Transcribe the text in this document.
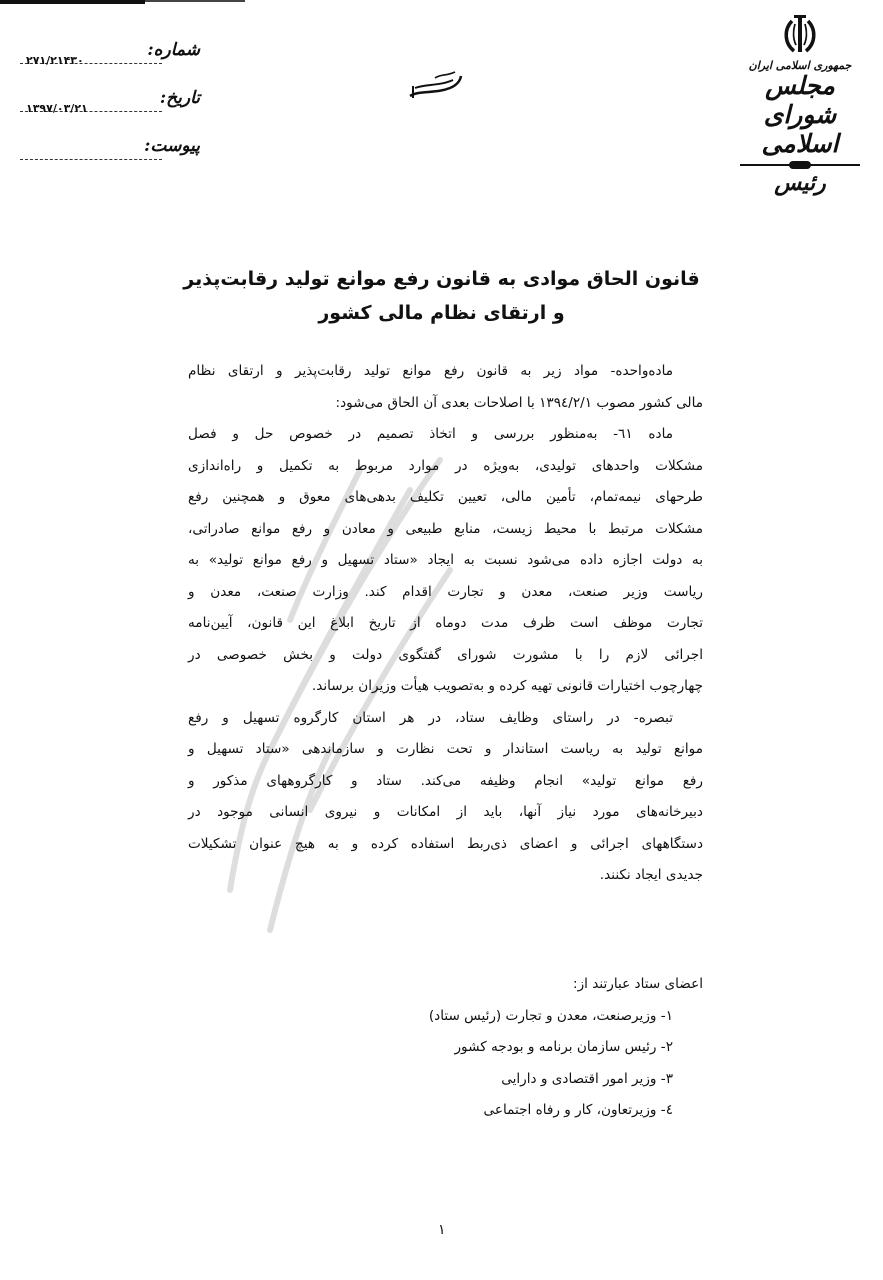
شماره:
۲۷۱/۲۱۴۳۰
تاریخ:
۱۳۹۷/۰۳/۲۱
پیوست:
جمهوری اسلامی ایران
مجلس شورای اسلامی
رئیس
قانون الحاق موادی به قانون رفع موانع تولید رقابت‌پذیر
و ارتقای نظام مالی کشور
ماده‌واحده- مواد زیر به قانون رفع موانع تولید رقابت‌پذیر و ارتقای نظام
مالی کشور مصوب ۱۳۹٤/۲/۱ با اصلاحات بعدی آن الحاق می‌شود:
ماده ٦١- به‌منظور بررسی و اتخاذ تصمیم در خصوص حل و فصل
مشکلات واحدهای تولیدی، به‌ویژه در موارد مربوط به تکمیل و راه‌اندازی
طرحهای نیمه‌تمام، تأمین مالی، تعیین تکلیف بدهی‌های معوق و همچنین رفع
مشکلات مرتبط با محیط زیست، منابع طبیعی و معادن و رفع موانع صادراتی،
به دولت اجازه داده می‌شود نسبت به ایجاد «ستاد تسهیل و رفع موانع تولید» به
ریاست وزیر صنعت، معدن و تجارت اقدام کند. وزارت صنعت، معدن و
تجارت موظف است ظرف مدت دوماه از تاریخ ابلاغ این قانون، آیین‌نامه
اجرائی لازم را با مشورت شورای گفتگوی دولت و بخش خصوصی در
چهارچوب اختیارات قانونی تهیه کرده و به‌تصویب هیأت وزیران برساند.
تبصره- در راستای وظایف ستاد، در هر استان کارگروه تسهیل و رفع
موانع تولید به ریاست استاندار و تحت نظارت و سازماندهی «ستاد تسهیل و
رفع موانع تولید» انجام وظیفه می‌کند. ستاد و کارگروههای مذکور و
دبیرخانه‌های مورد نیاز آنها، باید از امکانات و نیروی انسانی موجود در
دستگاههای اجرائی و اعضای ذی‌ربط استفاده کرده و به هیچ عنوان تشکیلات
جدیدی ایجاد نکنند.
اعضای ستاد عبارتند از:
۱- وزیرصنعت، معدن و تجارت (رئیس ستاد)
۲- رئیس سازمان برنامه و بودجه کشور
۳- وزیر امور اقتصادی و دارایی
٤- وزیرتعاون، کار و رفاه اجتماعی
۱
